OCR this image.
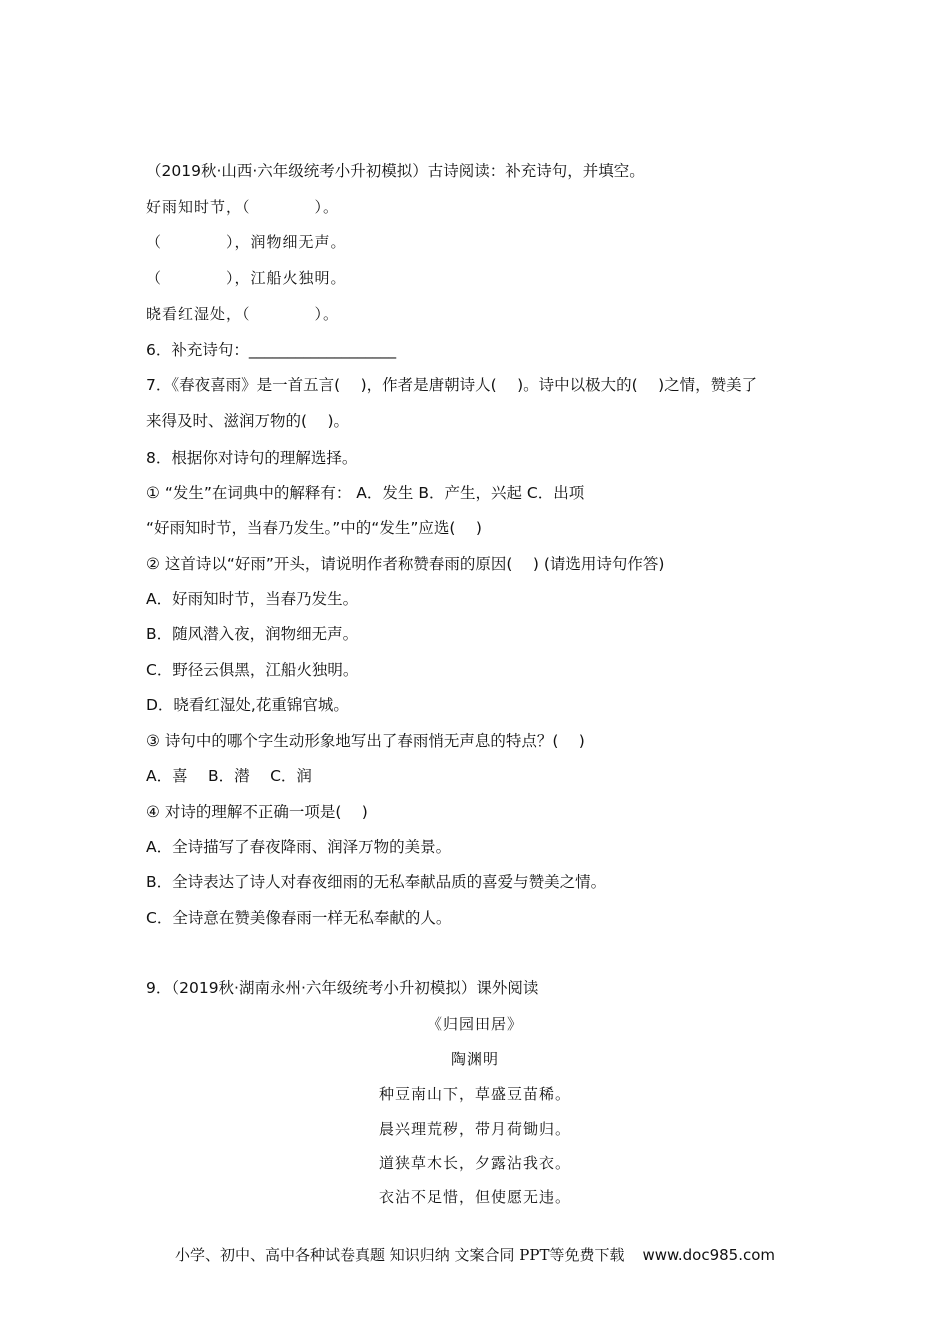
（2019秋·山西·六年级统考小升初模拟）古诗阅读：补充诗句，并填空。
好雨知时节，（　　　　）。
（　　　　），润物细无声。
（　　　　），江船火独明。
晓看红湿处，（　　　　）。
6．补充诗句：___________________
7．《春夜喜雨》是一首五言(　 )，作者是唐朝诗人(　 )。诗中以极大的(　 )之情，赞美了
来得及时、滋润万物的(　 )。
8．根据你对诗句的理解选择。
① “发生”在词典中的解释有： A．发生 B．产生，兴起 C．出项
“好雨知时节，当春乃发生。”中的“发生”应选(　 )
② 这首诗以“好雨”开头，请说明作者称赞春雨的原因(　 ) (请选用诗句作答)
A．好雨知时节，当春乃发生。
B．随风潜入夜，润物细无声。
C．野径云俱黑，江船火独明。
D．晓看红湿处,花重锦官城。
③ 诗句中的哪个字生动形象地写出了春雨悄无声息的特点？(　 )
A．喜　 B．潜　 C．润
④ 对诗的理解不正确一项是(　 )
A．全诗描写了春夜降雨、润泽万物的美景。
B．全诗表达了诗人对春夜细雨的无私奉献品质的喜爱与赞美之情。
C．全诗意在赞美像春雨一样无私奉献的人。
9．（2019秋·湖南永州·六年级统考小升初模拟）课外阅读
《归园田居》
陶渊明
种豆南山下，草盛豆苗稀。
晨兴理荒秽，带月荷锄归。
道狭草木长，夕露沾我衣。
衣沾不足惜，但使愿无违。
小学、初中、高中各种试卷真题 知识归纳 文案合同 PPT等免费下载 www.doc985.com
